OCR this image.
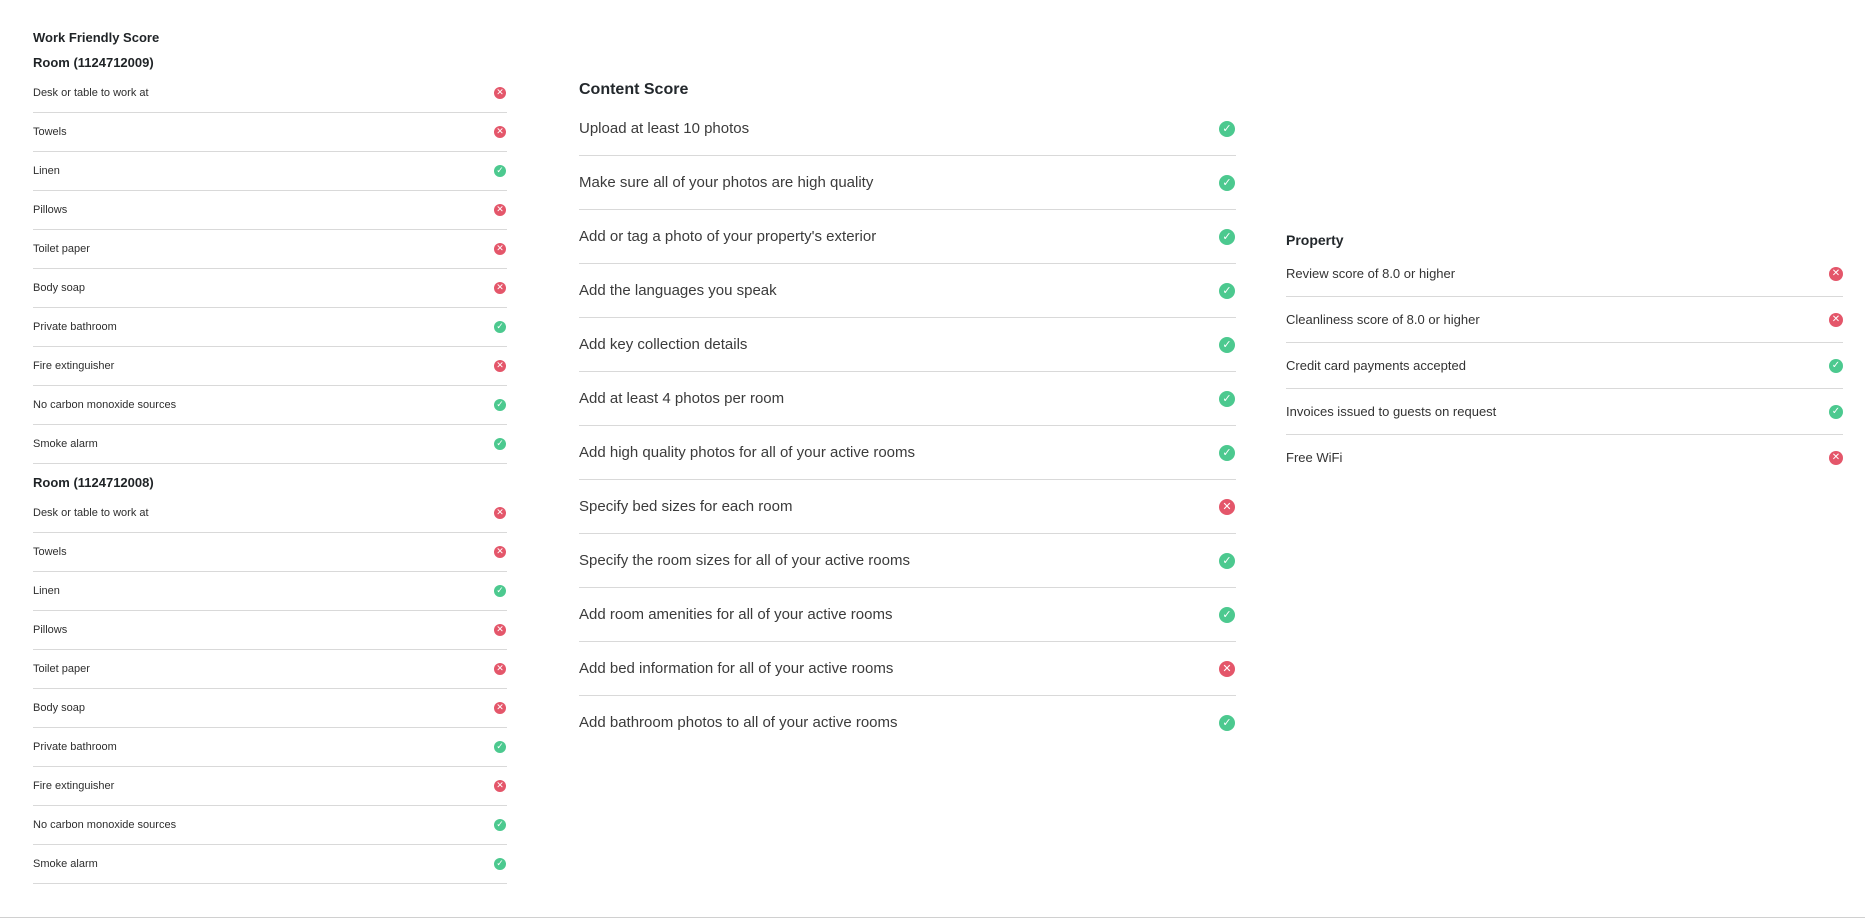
Work Friendly Score
Room (1124712009)
Desk or table to work at
✕
Towels
✕
Linen
✓
Pillows
✕
Toilet paper
✕
Body soap
✕
Private bathroom
✓
Fire extinguisher
✕
No carbon monoxide sources
✓
Smoke alarm
✓
Room (1124712008)
Desk or table to work at
✕
Towels
✕
Linen
✓
Pillows
✕
Toilet paper
✕
Body soap
✕
Private bathroom
✓
Fire extinguisher
✕
No carbon monoxide sources
✓
Smoke alarm
✓
Content Score
Upload at least 10 photos
✓
Make sure all of your photos are high quality
✓
Add or tag a photo of your property's exterior
✓
Add the languages you speak
✓
Add key collection details
✓
Add at least 4 photos per room
✓
Add high quality photos for all of your active rooms
✓
Specify bed sizes for each room
✕
Specify the room sizes for all of your active rooms
✓
Add room amenities for all of your active rooms
✓
Add bed information for all of your active rooms
✕
Add bathroom photos to all of your active rooms
✓
Property
Review score of 8.0 or higher
✕
Cleanliness score of 8.0 or higher
✕
Credit card payments accepted
✓
Invoices issued to guests on request
✓
Free WiFi
✕
